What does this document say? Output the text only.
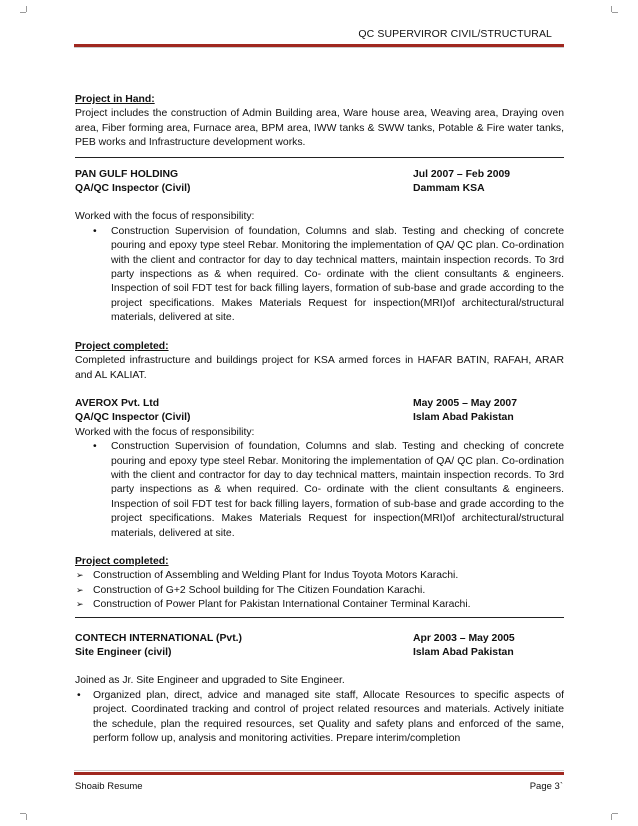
QC SUPERVIROR CIVIL/STRUCTURAL
Project in Hand:

Project includes the construction of Admin Building area, Ware house area, Weaving area, Draying oven area, Fiber forming area, Furnace area, BPM area, IWW tanks & SWW tanks, Potable & Fire water tanks, PEB works and Infrastructure development works.

PAN GULF HOLDING	Jul 2007 – Feb 2009
QA/QC Inspector (Civil)	Dammam KSA
Worked with the focus of responsibility:
• Construction Supervision of foundation, Columns and slab. Testing and checking of concrete pouring and epoxy type steel Rebar. Monitoring the implementation of QA/ QC plan. Co-ordination with the client and contractor for day to day technical matters, maintain inspection records. To 3rd party inspections as & when required. Co- ordinate with the client consultants & engineers. Inspection of soil FDT test for back filling layers, formation of sub-base and grade according to the project specifications. Makes Materials Request for inspection(MRI)of architectural/structural materials, delivered at site.
Project completed:

Completed infrastructure and buildings project for KSA armed forces in HAFAR BATIN, RAFAH, ARAR and AL KALIAT.

AVEROX Pvt. Ltd	May 2005 – May 2007
QA/QC Inspector (Civil)	Islam Abad Pakistan
Worked with the focus of responsibility:
• Construction Supervision of foundation, Columns and slab. Testing and checking of concrete pouring and epoxy type steel Rebar. Monitoring the implementation of QA/ QC plan. Co-ordination with the client and contractor for day to day technical matters, maintain inspection records. To 3rd party inspections as & when required. Co- ordinate with the client consultants & engineers. Inspection of soil FDT test for back filling layers, formation of sub-base and grade according to the project specifications. Makes Materials Request for inspection(MRI)of architectural/structural materials, delivered at site.
Project completed:
➢ Construction of Assembling and Welding Plant for Indus Toyota Motors Karachi.
➢ Construction of G+2 School building for The Citizen Foundation Karachi.
➢ Construction of Power Plant for Pakistan International Container Terminal Karachi.
CONTECH INTERNATIONAL (Pvt.)	Apr 2003 – May 2005
Site Engineer (civil)	Islam Abad Pakistan
Joined as Jr. Site Engineer and upgraded to Site Engineer.
• Organized plan, direct, advice and managed site staff, Allocate Resources to specific aspects of project. Coordinated tracking and control of project related resources and materials. Actively initiate the schedule, plan the required resources, set Quality and safety plans and enforced of the same, perform follow up, analysis and monitoring activities. Prepare interim/completion
Shoaib Resume	Page 3`
